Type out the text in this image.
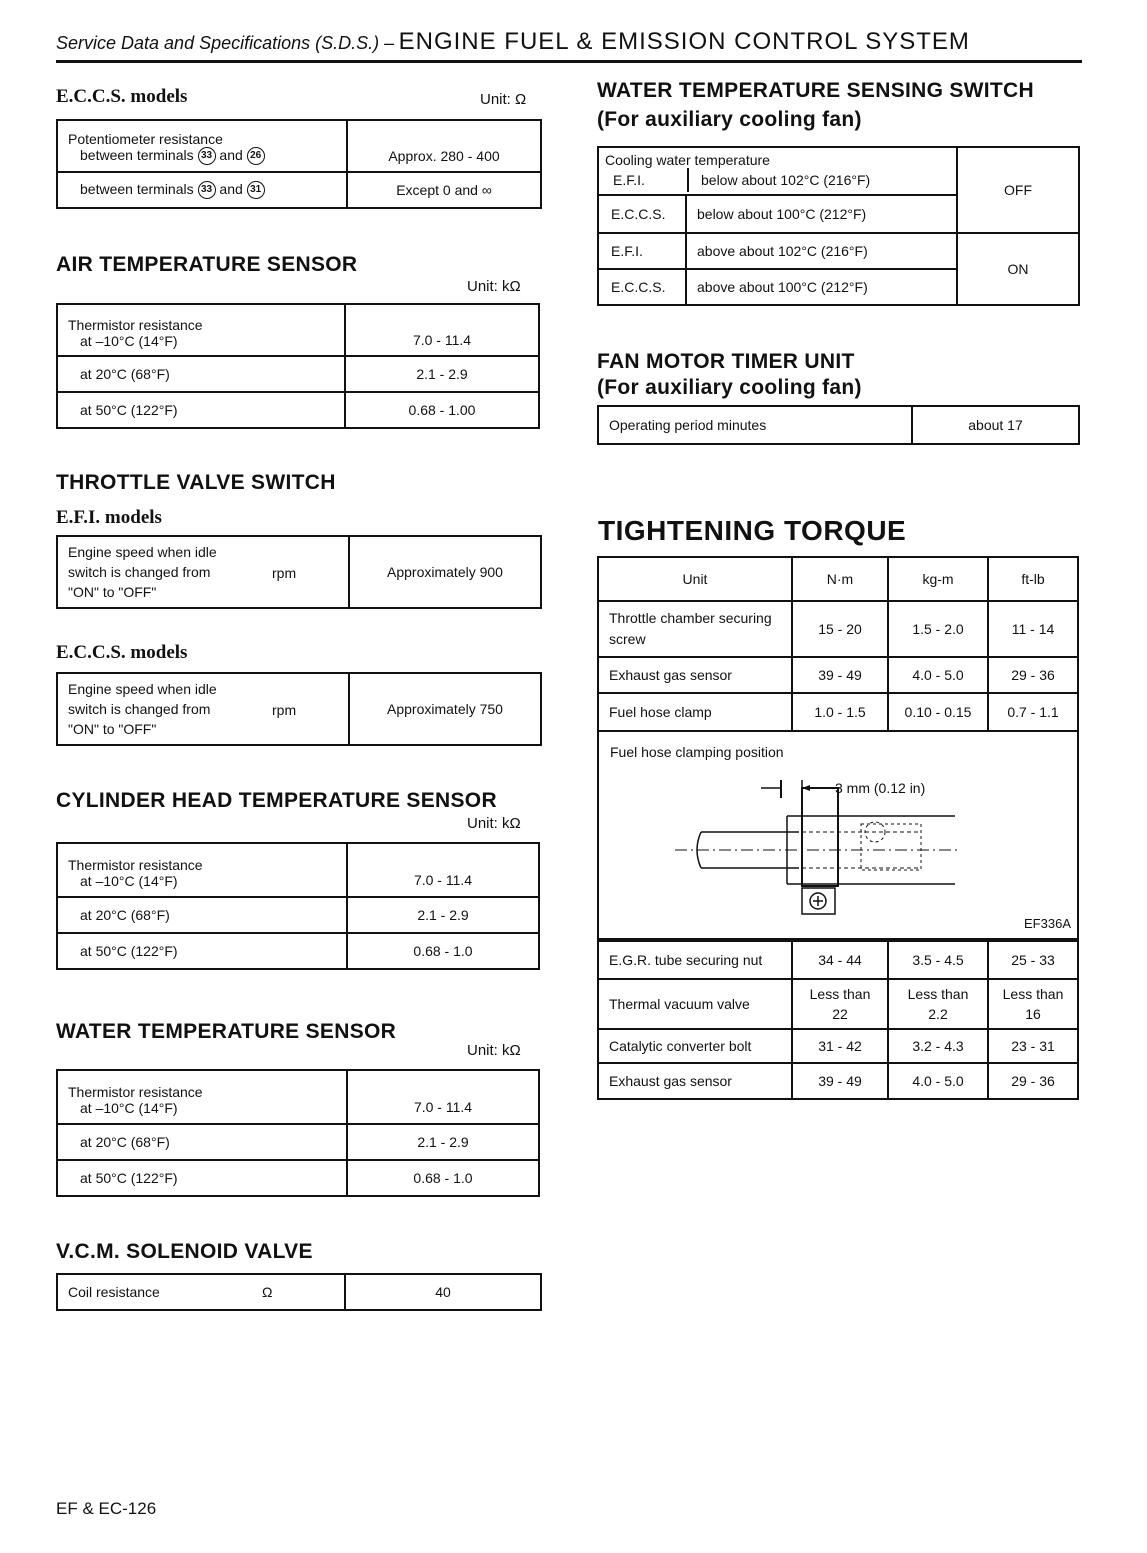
Service Data and Specifications (S.D.S.) – ENGINE FUEL & EMISSION CONTROL SYSTEM
E.C.C.S. models	Unit: Ω
Potentiometer resistance
between terminals 33 and 26	Approx. 280 - 400

between terminals 33 and 31	Except 0 and ∞
AIR TEMPERATURE SENSOR
Unit: kΩ
Thermistor resistance
at –10°C (14°F)	7.0 - 11.4

at 20°C (68°F)	2.1 - 2.9

at 50°C (122°F)	0.68 - 1.00
THROTTLE VALVE SWITCH
E.F.I. models
Engine speed when idle
switch is changed from
"ON" to "OFF"
rpm	Approximately 900
E.C.C.S. models
Engine speed when idle
switch is changed from
"ON" to "OFF"
rpm	Approximately 750
CYLINDER HEAD TEMPERATURE SENSOR
Unit: kΩ
Thermistor resistance
at –10°C (14°F)	7.0 - 11.4

at 20°C (68°F)	2.1 - 2.9

at 50°C (122°F)	0.68 - 1.0
WATER TEMPERATURE SENSOR
Unit: kΩ
Thermistor resistance
at –10°C (14°F)	7.0 - 11.4

at 20°C (68°F)	2.1 - 2.9

at 50°C (122°F)	0.68 - 1.0
V.C.M. SOLENOID VALVE
Coil resistance	Ω	40
EF & EC-126
WATER TEMPERATURE SENSING SWITCH
(For auxiliary cooling fan)
Cooling water temperature
E.F.I. below about 102°C (216°F)		OFF
E.C.C.S.	below about 100°C (212°F)	
E.F.I.	above about 102°C (216°F)	ON
E.C.C.S.	above about 100°C (212°F)	
FAN MOTOR TIMER UNIT
(For auxiliary cooling fan)
Operating period minutes	about 17
TIGHTENING TORQUE
Unit	N·m	kg-m	ft-lb
Throttle chamber securing screw	15 - 20	1.5 - 2.0	11 - 14
Exhaust gas sensor	39 - 49	4.0 - 5.0	29 - 36
Fuel hose clamp	1.0 - 1.5	0.10 - 0.15	0.7 - 1.1
Fuel hose clamping position
3 mm (0.12 in)
EF336A
E.G.R. tube securing nut	34 - 44	3.5 - 4.5	25 - 33
Thermal vacuum valve	Less than 22	Less than 2.2	Less than 16
Catalytic converter bolt	31 - 42	3.2 - 4.3	23 - 31
Exhaust gas sensor	39 - 49	4.0 - 5.0	29 - 36
